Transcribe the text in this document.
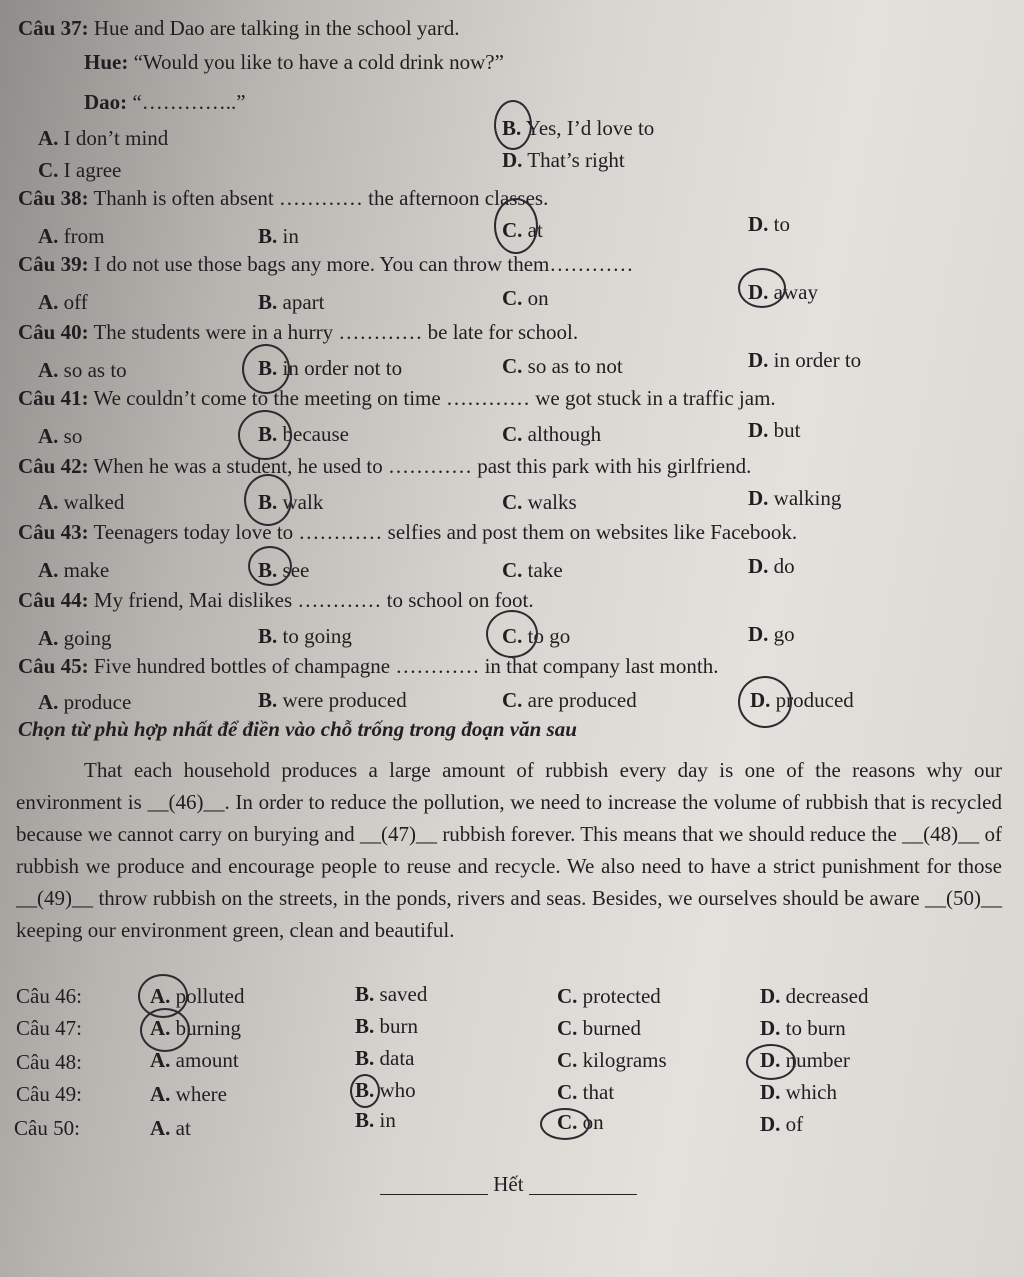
Câu 37: Hue and Dao are talking in the school yard.
Hue: “Would you like to have a cold drink now?”
Dao: “…………..”
A. I don’t mind	B. Yes, I’d love to
C. I agree	D. That’s right
Câu 38: Thanh is often absent ………… the afternoon classes.
A. from	B. in	C. at	D. to
Câu 39: I do not use those bags any more. You can throw them…………
A. off	B. apart	C. on	D. away
Câu 40: The students were in a hurry ………… be late for school.
A. so as to	B. in order not to	C. so as to not	D. in order to
Câu 41: We couldn’t come to the meeting on time ………… we got stuck in a traffic jam.
A. so	B. because	C. although	D. but
Câu 42: When he was a student, he used to ………… past this park with his girlfriend.
A. walked	B. walk	C. walks	D. walking
Câu 43: Teenagers today love to ………… selfies and post them on websites like Facebook.
A. make	B. see	C. take	D. do
Câu 44: My friend, Mai dislikes ………… to school on foot.
A. going	B. to going	C. to go	D. go
Câu 45: Five hundred bottles of champagne ………… in that company last month.
A. produce	B. were produced	C. are produced	D. produced
Chọn từ phù hợp nhất để điền vào chỗ trống trong đoạn văn sau

That each household produces a large amount of rubbish every day is one of the reasons why our environment is __(46)__. In order to reduce the pollution, we need to increase the volume of rubbish that is recycled because we cannot carry on burying and __(47)__ rubbish forever. This means that we should reduce the __(48)__ of rubbish we produce and encourage people to reuse and recycle. We also need to have a strict punishment for those __(49)__ throw rubbish on the streets, in the ponds, rivers and seas. Besides, we ourselves should be aware __(50)__ keeping our environment green, clean and beautiful.

Câu 46:	A. polluted	B. saved	C. protected	D. decreased
Câu 47:	A. burning	B. burn	C. burned	D. to burn
Câu 48:	A. amount	B. data	C. kilograms	D. number
Câu 49:	A. where	B. who	C. that	D. which
Câu 50:	A. at	B. in	C. on	D. of
Hết
